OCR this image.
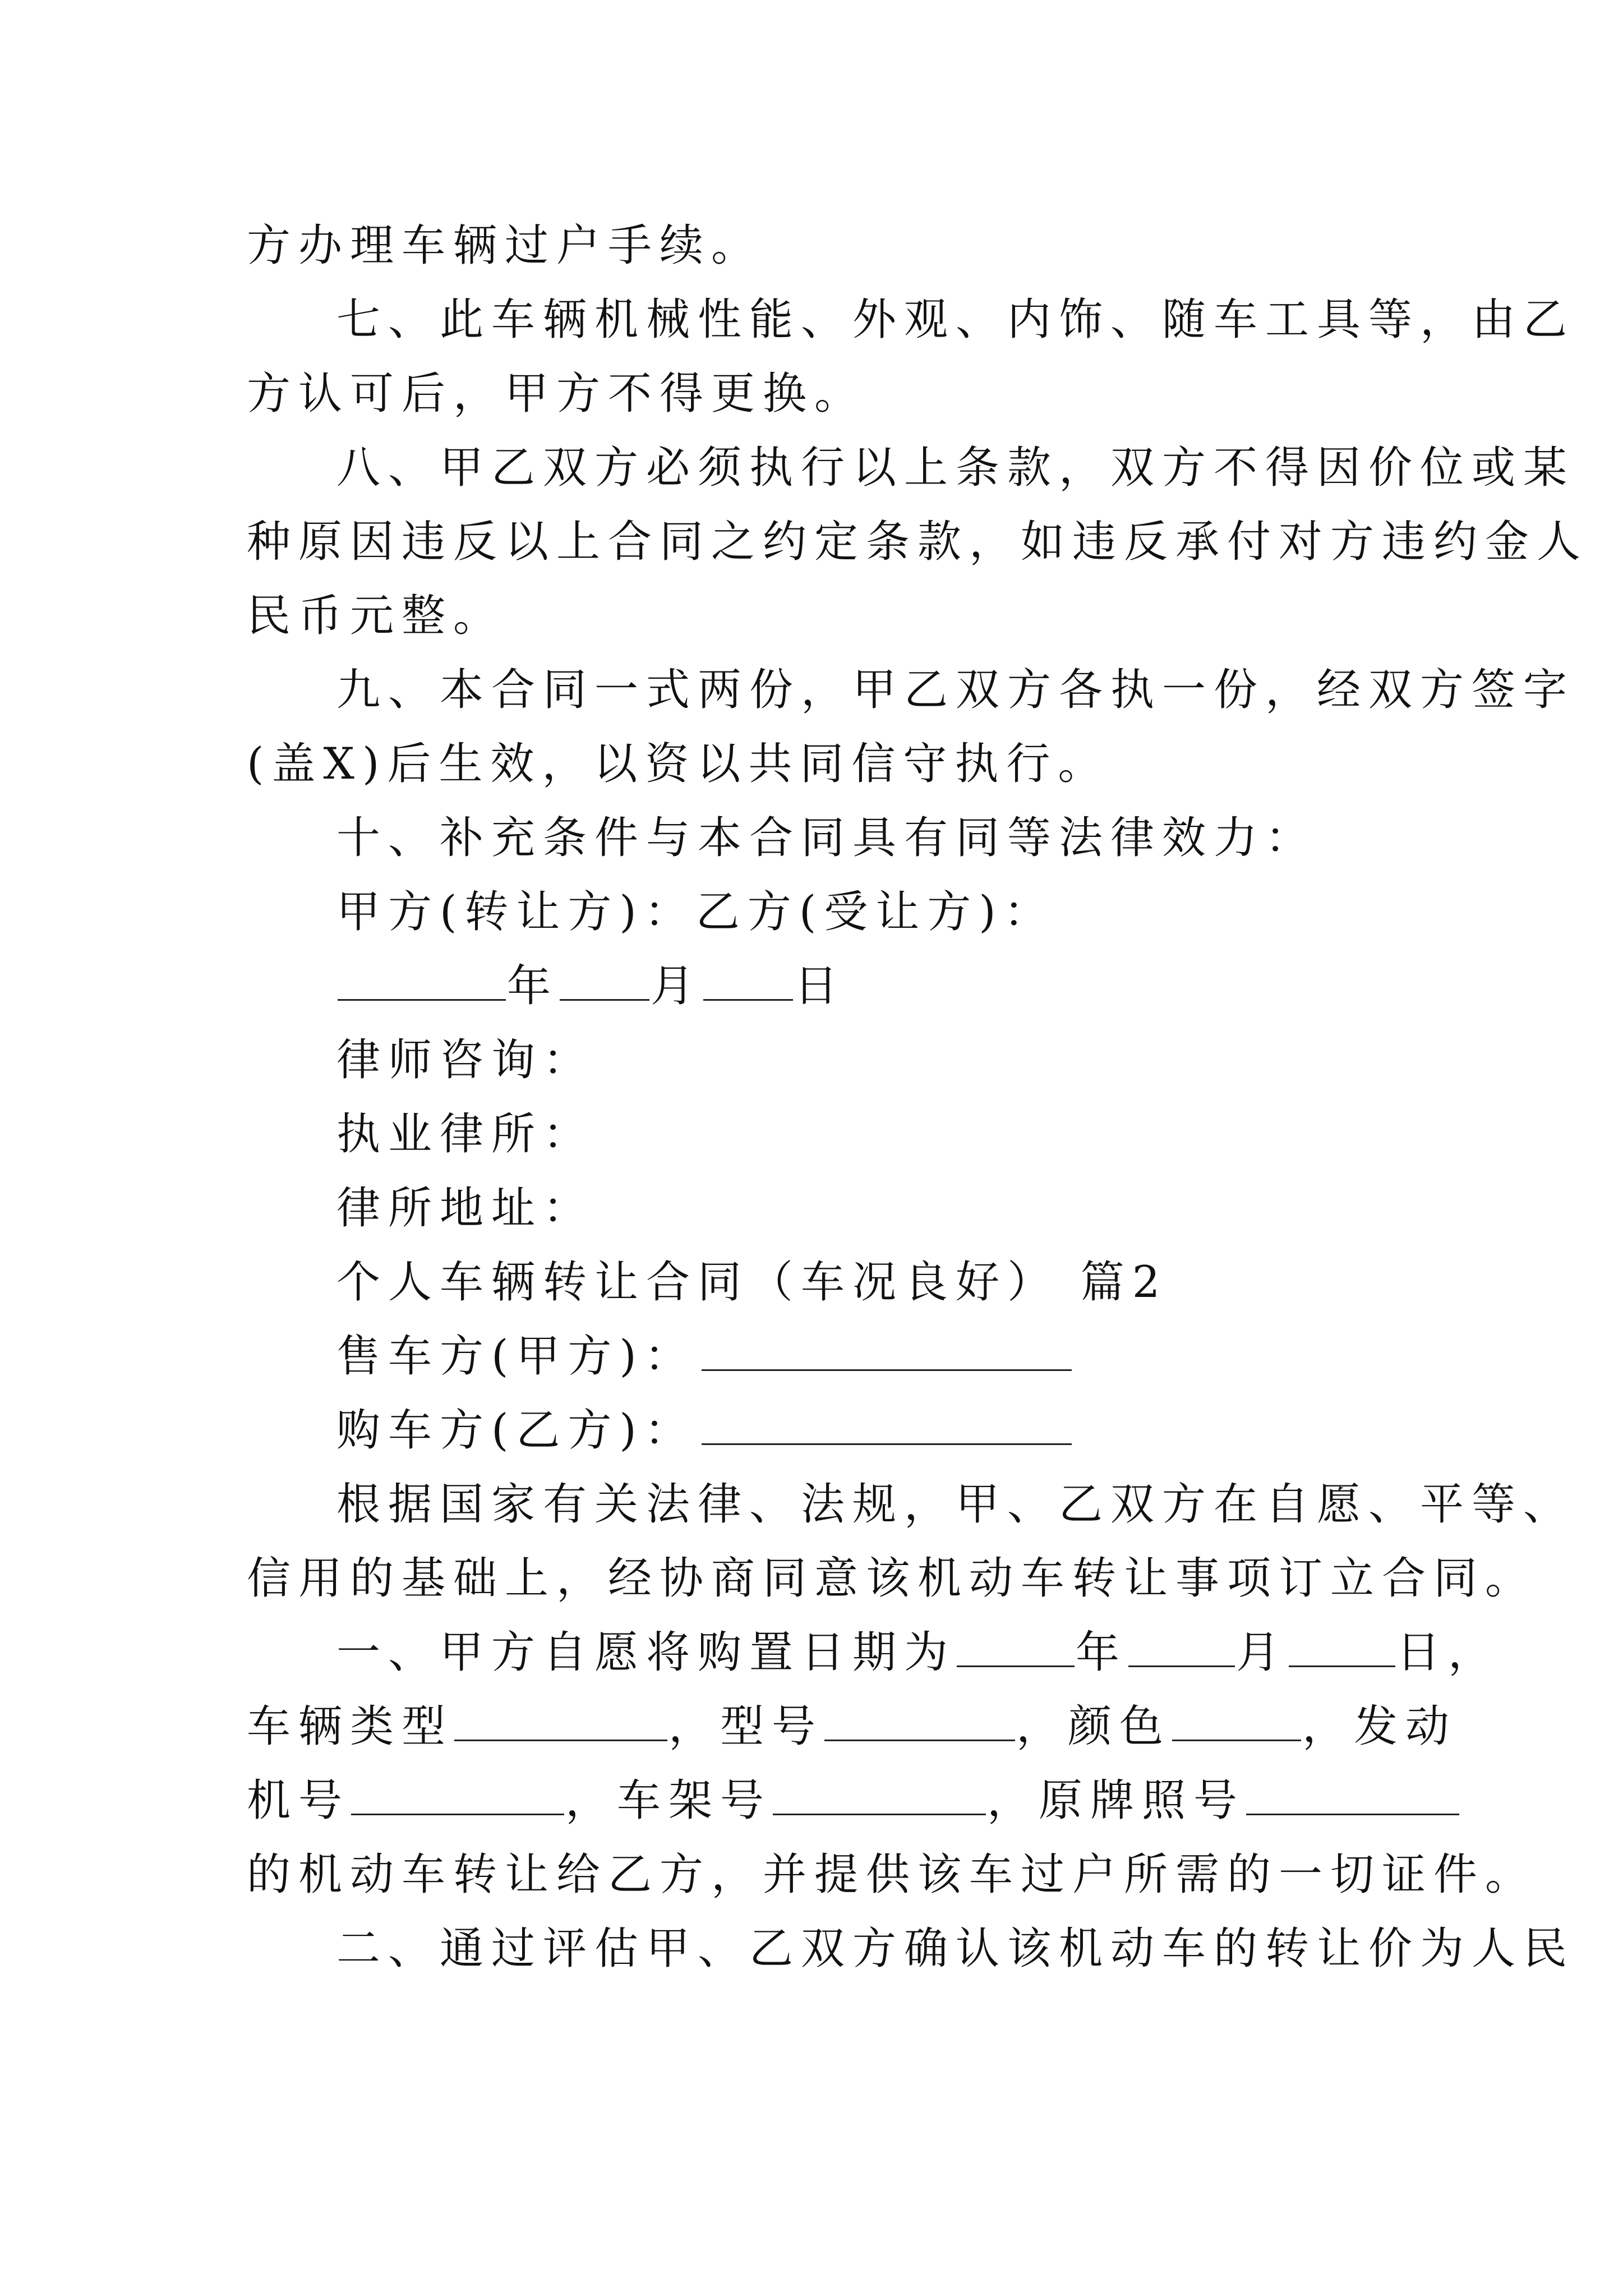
方办理车辆过户手续。
七、此车辆机械性能、外观、内饰、随车工具等，由乙
方认可后，甲方不得更换。
八、甲乙双方必须执行以上条款，双方不得因价位或某
种原因违反以上合同之约定条款，如违反承付对方违约金人
民币元整。
九、本合同一式两份，甲乙双方各执一份，经双方签字
(盖X)后生效，以资以共同信守执行。
十、补充条件与本合同具有同等法律效力：
甲方(转让方)：乙方(受让方)：
年 月 日
律师咨询：
执业律所：
律所地址：
个人车辆转让合同（车况良好） 篇2
售车方(甲方)：
购车方(乙方)：
根据国家有关法律、法规，甲、乙双方在自愿、平等、
信用的基础上，经协商同意该机动车转让事项订立合同。
一、甲方自愿将购置日期为	年 月 日，
车辆类型	，型号	，颜色	，发动
机号	，车架号	，原牌照号
的机动车转让给乙方，并提供该车过户所需的一切证件。
二、通过评估甲、乙双方确认该机动车的转让价为人民
